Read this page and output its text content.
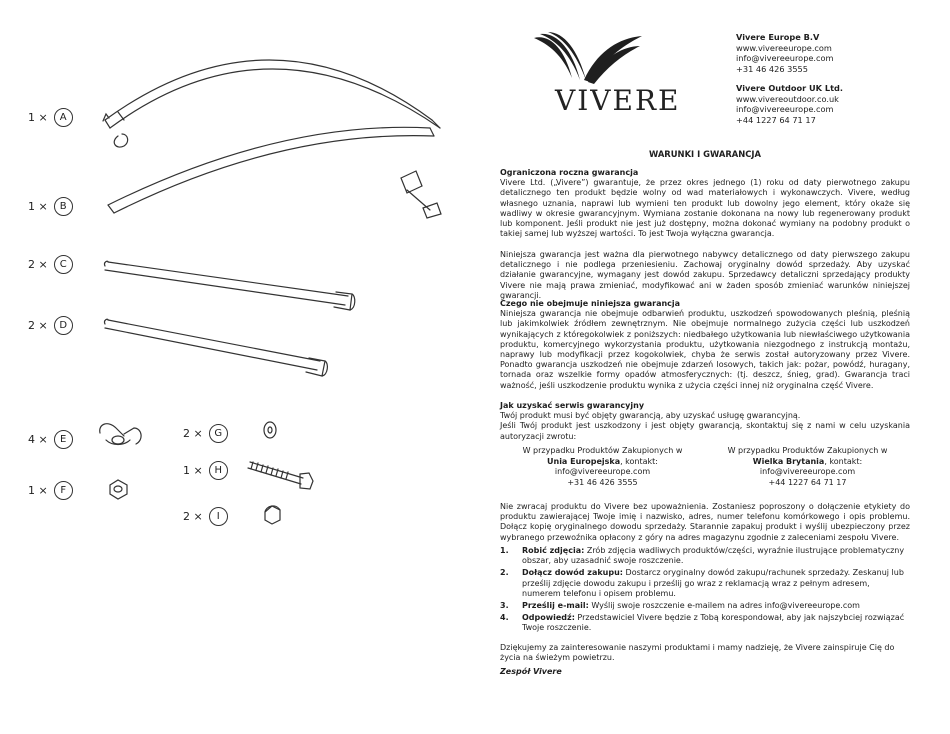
1 ×	A
1 ×	B
2 ×	C
2 ×	D
4 ×	E
1 ×	F
2 ×	G
1 ×	H
2 ×	I
VIVERE
Vivere Europe B.V
www.vivereeurope.com
info@vivereeurope.com
+31 46 426 3555
Vivere Outdoor UK Ltd.
www.vivereoutdoor.co.uk
info@vivereeurope.com
+44 1227 64 71 17
WARUNKI I GWARANCJA
Ograniczona roczna gwarancja

Vivere Ltd. („Vivere”) gwarantuje, że przez okres jednego (1) roku od daty pierwotnego zakupu detalicznego ten produkt będzie wolny od wad materiałowych i wykonawczych. Vivere, według własnego uznania, naprawi lub wymieni ten produkt lub dowolny jego element, który okaże się wadliwy w okresie gwarancyjnym. Wymiana zostanie dokonana na nowy lub regenerowany produkt lub komponent. Jeśli produkt nie jest już dostępny, można dokonać wymiany na podobny produkt o takiej samej lub wyższej wartości. To jest Twoja wyłączna gwarancja.

Niniejsza gwarancja jest ważna dla pierwotnego nabywcy detalicznego od daty pierwszego zakupu detalicznego i nie podlega przeniesieniu. Zachowaj oryginalny dowód sprzedaży. Aby uzyskać działanie gwarancyjne, wymagany jest dowód zakupu. Sprzedawcy detaliczni sprzedający produkty Vivere nie mają prawa zmieniać, modyfikować ani w żaden sposób zmieniać warunków niniejszej gwarancji.

Czego nie obejmuje niniejsza gwarancja

Niniejsza gwarancja nie obejmuje odbarwień produktu, uszkodzeń spowodowanych pleśnią, pleśnią lub jakimkolwiek źródłem zewnętrznym. Nie obejmuje normalnego zużycia części lub uszkodzeń wynikających z któregokolwiek z poniższych: niedbałego użytkowania lub niewłaściwego użytkowania produktu, komercyjnego wykorzystania produktu, użytkowania niezgodnego z instrukcją montażu, naprawy lub modyfikacji przez kogokolwiek, chyba że serwis został autoryzowany przez Vivere. Ponadto gwarancja uszkodzeń nie obejmuje zdarzeń losowych, takich jak: pożar, powódź, huragany, tornada oraz wszelkie formy opadów atmosferycznych: (tj. deszcz, śnieg, grad). Gwarancja traci ważność, jeśli uszkodzenie produktu wynika z użycia części innej niż oryginalna część Vivere.

Jak uzyskać serwis gwarancyjny

Twój produkt musi być objęty gwarancją, aby uzyskać usługę gwarancyjną.

Jeśli Twój produkt jest uszkodzony i jest objęty gwarancją, skontaktuj się z nami w celu uzyskania autoryzacji zwrotu:

W przypadku Produktów Zakupionych w
Unia Europejska, kontakt:
info@vivereeurope.com
+31 46 426 3555
W przypadku Produktów Zakupionych w
Wielka Brytania, kontakt:
info@vivereeurope.com
+44 1227 64 71 17

Nie zwracaj produktu do Vivere bez upoważnienia. Zostaniesz poproszony o dołączenie etykiety do produktu zawierającej Twoje imię i nazwisko, adres, numer telefonu komórkowego i opis problemu. Dołącz kopię oryginalnego dowodu sprzedaży. Starannie zapakuj produkt i wyślij ubezpieczony przez wybranego przewoźnika opłacony z góry na adres magazynu zgodnie z zaleceniami zespołu Vivere.

1.	Robić zdjęcia: Zrób zdjęcia wadliwych produktów/części, wyraźnie ilustrujące problematyczny obszar, aby uzasadnić swoje roszczenie.
2.	Dołącz dowód zakupu: Dostarcz oryginalny dowód zakupu/rachunek sprzedaży. Zeskanuj lub prześlij zdjęcie dowodu zakupu i prześlij go wraz z reklamacją wraz z pełnym adresem, numerem telefonu i opisem problemu.
3.	Prześlij e-mail: Wyślij swoje roszczenie e-mailem na adres info@vivereeurope.com
4.	Odpowiedź: Przedstawiciel Vivere będzie z Tobą korespondował, aby jak najszybciej rozwiązać Twoje roszczenie.
Dziękujemy za zainteresowanie naszymi produktami i mamy nadzieję, że Vivere zainspiruje Cię do życia na świeżym powietrzu.
Zespół Vivere
